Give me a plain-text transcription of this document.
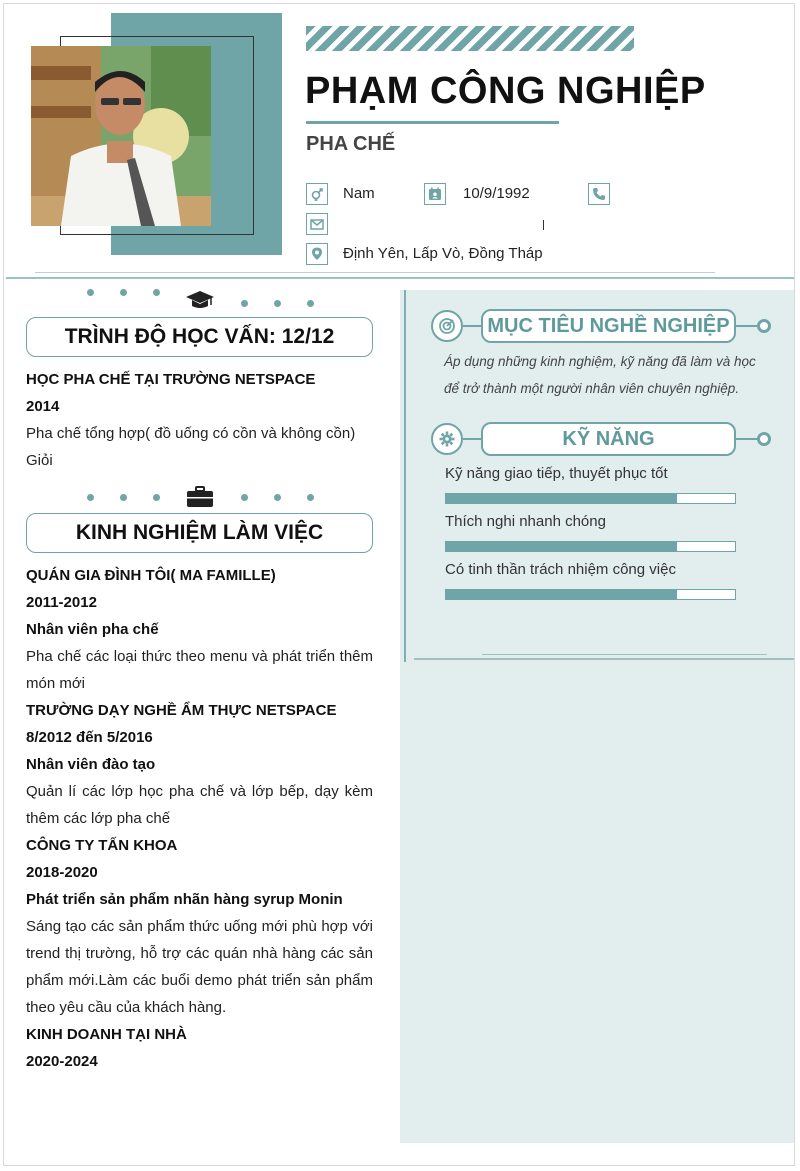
PHẠM CÔNG NGHIỆP
PHA CHẾ
Nam	10/9/1992
Định Yên, Lấp Vò, Đồng Tháp
MỤC TIÊU NGHỀ NGHIỆP
Áp dụng những kinh nghiệm, kỹ năng đã làm và học để trở thành một người nhân viên chuyên nghiệp.
KỸ NĂNG
Kỹ năng giao tiếp, thuyết phục tốt
Thích nghi nhanh chóng
Có tinh thần trách nhiệm công việc
TRÌNH ĐỘ HỌC VẤN: 12/12
HỌC PHA CHẾ TẠI TRƯỜNG NETSPACE
2014
Pha chế tổng hợp( đồ uống có cồn và không cồn)
Giỏi
KINH NGHIỆM LÀM VIỆC
QUÁN GIA ĐÌNH TÔI( MA FAMILLE)
2011-2012
Nhân viên pha chế
Pha chế các loại thức theo menu và phát triển thêm món mới
TRƯỜNG DẠY NGHỀ ẨM THỰC NETSPACE
8/2012 đến 5/2016
Nhân viên đào tạo
Quản lí các lớp học pha chế và lớp bếp, dạy kèm thêm các lớp pha chế
CÔNG TY TẤN KHOA
2018-2020
Phát triển sản phẩm nhãn hàng syrup Monin
Sáng tạo các sản phẩm thức uống mới phù hợp với trend thị trường, hỗ trợ các quán nhà hàng các sản phẩm mới.Làm các buổi demo phát triển sản phẩm theo yêu cầu của khách hàng.
KINH DOANH TẠI NHÀ
2020-2024
